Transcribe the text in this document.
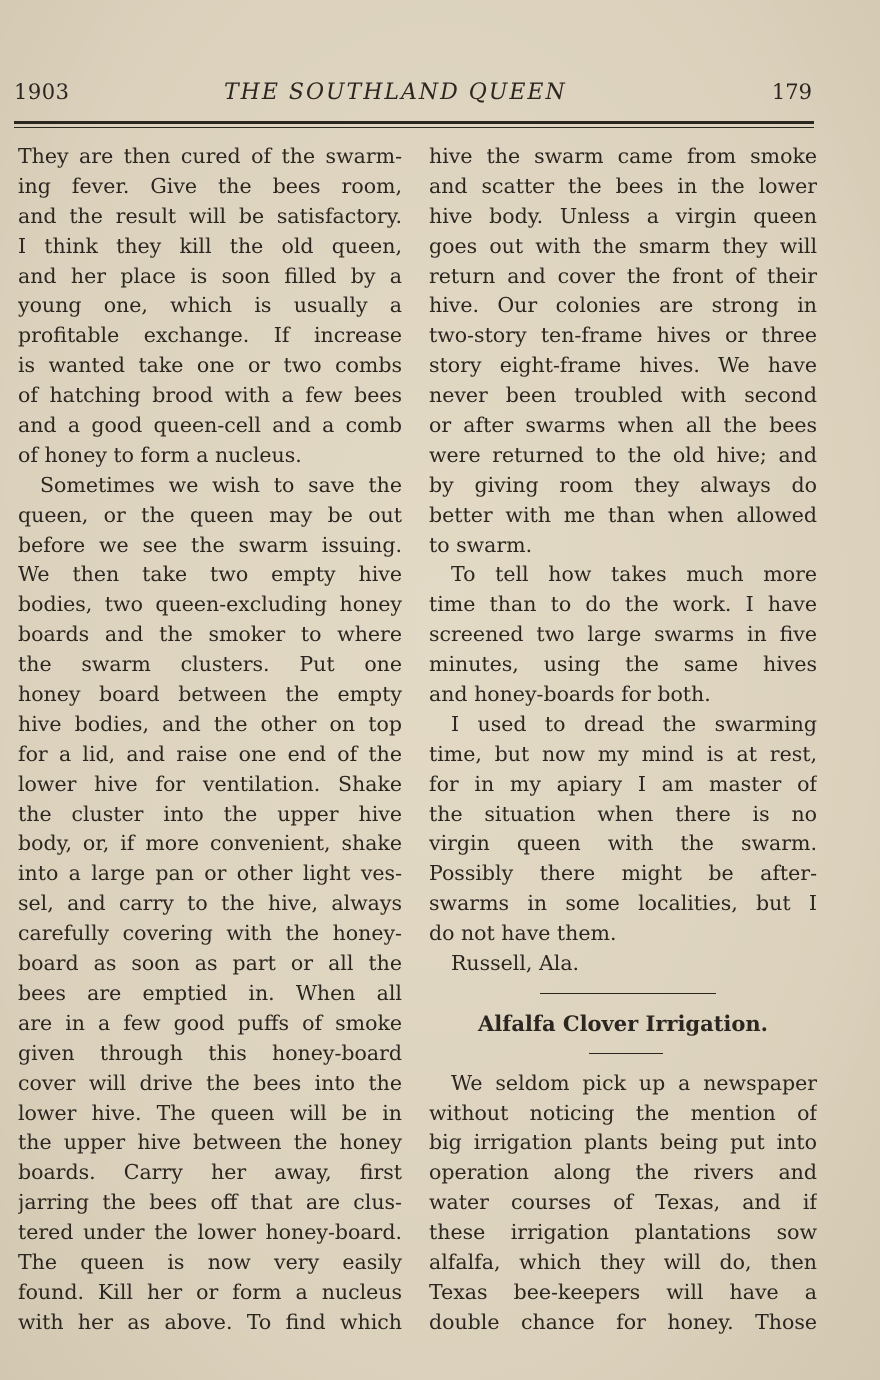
1903	THE SOUTHLAND QUEEN	179
They are then cured of the swarm-
ing fever. Give the bees room,
and the result will be satisfactory.
I think they kill the old queen,
and her place is soon filled by a
young one, which is usually a
profitable exchange. If increase
is wanted take one or two combs
of hatching brood with a few bees
and a good queen-cell and a comb
of honey to form a nucleus.
Sometimes we wish to save the
queen, or the queen may be out
before we see the swarm issuing.
We then take two empty hive
bodies, two queen-excluding honey
boards and the smoker to where
the swarm clusters. Put one
honey board between the empty
hive bodies, and the other on top
for a lid, and raise one end of the
lower hive for ventilation. Shake
the cluster into the upper hive
body, or, if more convenient, shake
into a large pan or other light ves-
sel, and carry to the hive, always
carefully covering with the honey-
board as soon as part or all the
bees are emptied in. When all
are in a few good puffs of smoke
given through this honey-board
cover will drive the bees into the
lower hive. The queen will be in
the upper hive between the honey
boards. Carry her away, first
jarring the bees off that are clus-
tered under the lower honey-board.
The queen is now very easily
found. Kill her or form a nucleus
with her as above. To find which
hive the swarm came from smoke
and scatter the bees in the lower
hive body. Unless a virgin queen
goes out with the smarm they will
return and cover the front of their
hive. Our colonies are strong in
two-story ten-frame hives or three
story eight-frame hives. We have
never been troubled with second
or after swarms when all the bees
were returned to the old hive; and
by giving room they always do
better with me than when allowed
to swarm.
To tell how takes much more
time than to do the work. I have
screened two large swarms in five
minutes, using the same hives
and honey-boards for both.
I used to dread the swarming
time, but now my mind is at rest,
for in my apiary I am master of
the situation when there is no
virgin queen with the swarm.
Possibly there might be after-
swarms in some localities, but I
do not have them.
Russell, Ala.
Alfalfa Clover Irrigation.
We seldom pick up a newspaper
without noticing the mention of
big irrigation plants being put into
operation along the rivers and
water courses of Texas, and if
these irrigation plantations sow
alfalfa, which they will do, then
Texas bee-keepers will have a
double chance for honey. Those
